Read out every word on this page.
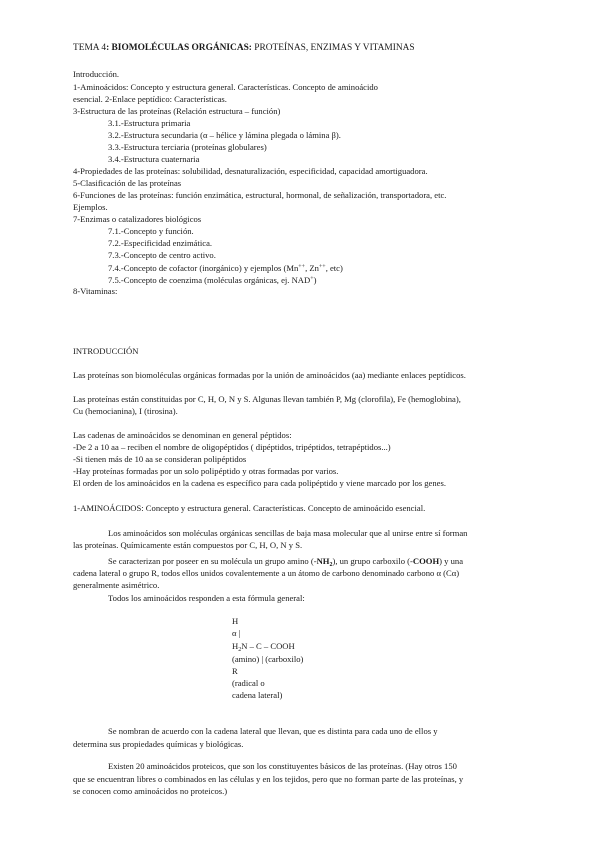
TEMA 4: BIOMOLÉCULAS ORGÁNICAS: PROTEÍNAS, ENZIMAS Y VITAMINAS
Introducción.
1-Aminoácidos: Concepto y estructura general. Características. Concepto de aminoácido
esencial. 2-Enlace peptídico: Características.
3-Estructura de las proteínas (Relación estructura – función)
3.1.-Estructura primaria
3.2.-Estructura secundaria (α – hélice y lámina plegada o lámina β).
3.3.-Estructura terciaria (proteínas globulares)
3.4.-Estructura cuaternaria
4-Propiedades de las proteínas: solubilidad, desnaturalización, especificidad, capacidad amortiguadora.
5-Clasificación de las proteínas
6-Funciones de las proteínas: función enzimática, estructural, hormonal, de señalización, transportadora, etc.
Ejemplos.
7-Enzimas o catalizadores biológicos
7.1.-Concepto y función.
7.2.-Especificidad enzimática.
7.3.-Concepto de centro activo.
7.4.-Concepto de cofactor (inorgánico) y ejemplos (Mn++, Zn++, etc)
7.5.-Concepto de coenzima (moléculas orgánicas, ej. NAD+)
8-Vitaminas:
INTRODUCCIÓN
Las proteínas son biomoléculas orgánicas formadas por la unión de aminoácidos (aa) mediante enlaces peptídicos.
Las proteínas están constituidas por C, H, O, N y S. Algunas llevan también P, Mg (clorofila), Fe (hemoglobina),
Cu (hemocianina), I (tirosina).
Las cadenas de aminoácidos se denominan en general péptidos:
-De 2 a 10 aa – reciben el nombre de oligopéptidos ( dipéptidos, tripéptidos, tetrapéptidos...)
-Si tienen más de 10 aa se consideran polipéptidos
-Hay proteínas formadas por un solo polipéptido y otras formadas por varios.
El orden de los aminoácidos en la cadena es específico para cada polipéptido y viene marcado por los genes.
1-AMINOÁCIDOS: Concepto y estructura general. Características. Concepto de aminoácido esencial.
Los aminoácidos son moléculas orgánicas sencillas de baja masa molecular que al unirse entre sí forman
las proteínas. Químicamente están compuestos por C, H, O, N y S.
Se caracterizan por poseer en su molécula un grupo amino $(-NH_2)$, un grupo carboxilo (-COOH) y una
cadena lateral o grupo R, todos ellos unidos covalentemente a un átomo de carbono denominado carbono α (Cα)
generalmente asimétrico.
Todos los aminoácidos responden a esta fórmula general:
H
α |
$H_2N$ – C – COOH
(amino) | (carboxilo)
R
(radical o
cadena lateral)
Se nombran de acuerdo con la cadena lateral que llevan, que es distinta para cada uno de ellos y
determina sus propiedades químicas y biológicas.
Existen 20 aminoácidos proteicos, que son los constituyentes básicos de las proteínas. (Hay otros 150
que se encuentran libres o combinados en las células y en los tejidos, pero que no forman parte de las proteínas, y
se conocen como aminoácidos no proteicos.)
